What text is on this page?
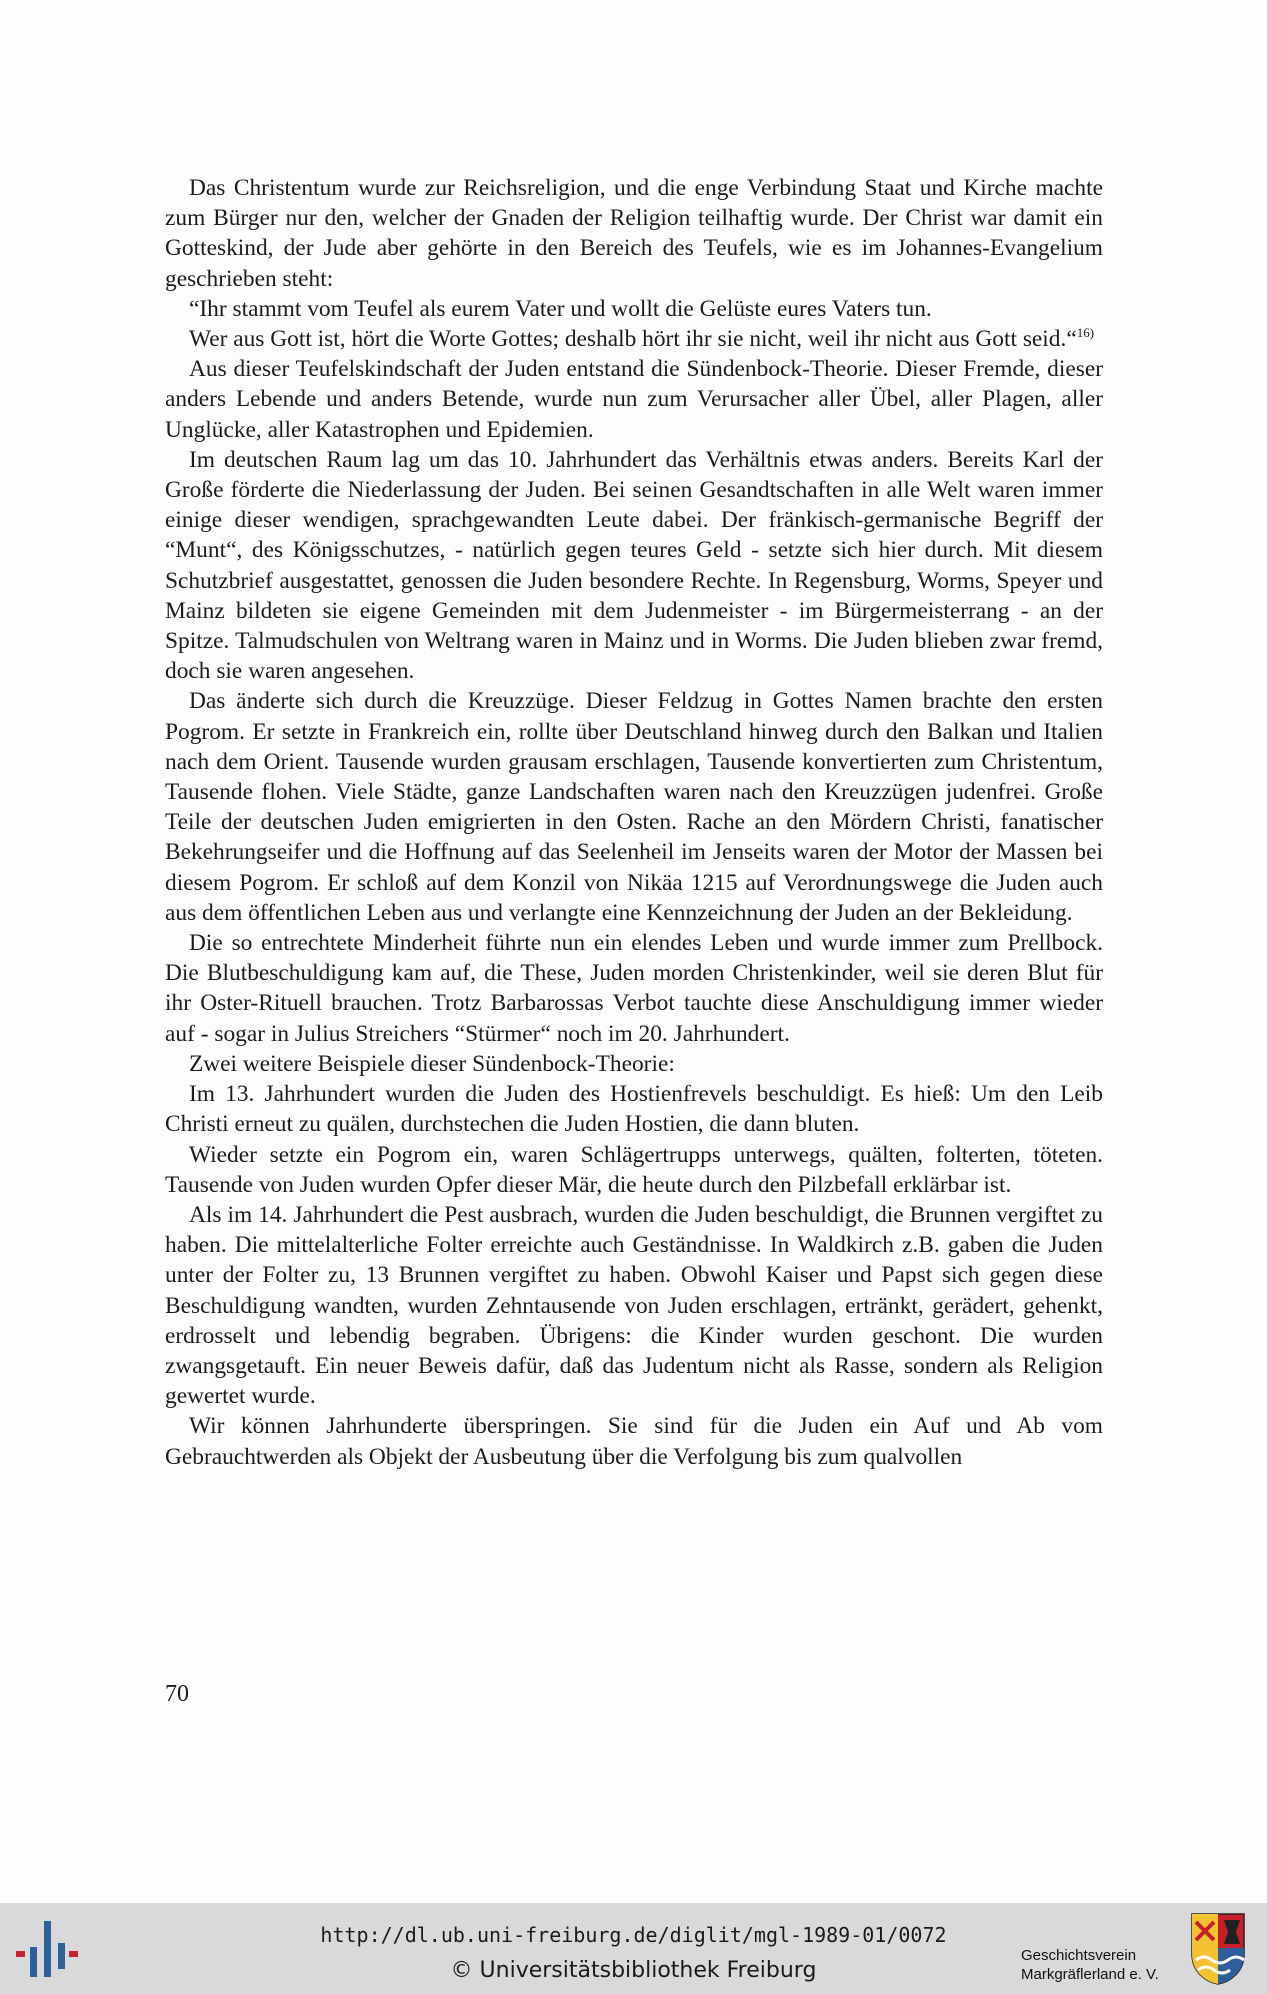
Das Christentum wurde zur Reichsreligion, und die enge Verbindung Staat und Kirche machte zum Bürger nur den, welcher der Gnaden der Religion teilhaftig wurde. Der Christ war damit ein Gotteskind, der Jude aber gehörte in den Bereich des Teufels, wie es im Johannes-Evangelium geschrieben steht:

“Ihr stammt vom Teufel als eurem Vater und wollt die Gelüste eures Vaters tun.

Wer aus Gott ist, hört die Worte Gottes; deshalb hört ihr sie nicht, weil ihr nicht aus Gott seid.“$^{16)}$

Aus dieser Teufelskindschaft der Juden entstand die Sündenbock-Theorie. Dieser Fremde, dieser anders Lebende und anders Betende, wurde nun zum Verursacher aller Übel, aller Plagen, aller Unglücke, aller Katastrophen und Epidemien.

Im deutschen Raum lag um das 10. Jahrhundert das Verhältnis etwas anders. Bereits Karl der Große förderte die Niederlassung der Juden. Bei seinen Gesandtschaften in alle Welt waren immer einige dieser wendigen, sprachgewandten Leute dabei. Der fränkisch-germanische Begriff der “Munt“, des Königsschutzes, - natürlich gegen teures Geld - setzte sich hier durch. Mit diesem Schutzbrief ausgestattet, genossen die Juden besondere Rechte. In Regensburg, Worms, Speyer und Mainz bildeten sie eigene Gemeinden mit dem Judenmeister - im Bürgermeisterrang - an der Spitze. Talmudschulen von Weltrang waren in Mainz und in Worms. Die Juden blieben zwar fremd, doch sie waren angesehen.

Das änderte sich durch die Kreuzzüge. Dieser Feldzug in Gottes Namen brachte den ersten Pogrom. Er setzte in Frankreich ein, rollte über Deutschland hinweg durch den Balkan und Italien nach dem Orient. Tausende wurden grausam erschlagen, Tausende konvertierten zum Christentum, Tausende flohen. Viele Städte, ganze Landschaften waren nach den Kreuzzügen judenfrei. Große Teile der deutschen Juden emigrierten in den Osten. Rache an den Mördern Christi, fanatischer Bekehrungseifer und die Hoffnung auf das Seelenheil im Jenseits waren der Motor der Massen bei diesem Pogrom. Er schloß auf dem Konzil von Nikäa 1215 auf Verordnungswege die Juden auch aus dem öffentlichen Leben aus und verlangte eine Kennzeichnung der Juden an der Bekleidung.

Die so entrechtete Minderheit führte nun ein elendes Leben und wurde immer zum Prellbock. Die Blutbeschuldigung kam auf, die These, Juden morden Christenkinder, weil sie deren Blut für ihr Oster-Rituell brauchen. Trotz Barbarossas Verbot tauchte diese Anschuldigung immer wieder auf - sogar in Julius Streichers “Stürmer“ noch im 20. Jahrhundert.

Zwei weitere Beispiele dieser Sündenbock-Theorie:

Im 13. Jahrhundert wurden die Juden des Hostienfrevels beschuldigt. Es hieß: Um den Leib Christi erneut zu quälen, durchstechen die Juden Hostien, die dann bluten.

Wieder setzte ein Pogrom ein, waren Schlägertrupps unterwegs, quälten, folterten, töteten. Tausende von Juden wurden Opfer dieser Mär, die heute durch den Pilzbefall erklärbar ist.

Als im 14. Jahrhundert die Pest ausbrach, wurden die Juden beschuldigt, die Brunnen vergiftet zu haben. Die mittelalterliche Folter erreichte auch Geständnisse. In Waldkirch z.B. gaben die Juden unter der Folter zu, 13 Brunnen vergiftet zu haben. Obwohl Kaiser und Papst sich gegen diese Beschuldigung wandten, wurden Zehntausende von Juden erschlagen, ertränkt, gerädert, gehenkt, erdrosselt und lebendig begraben. Übrigens: die Kinder wurden geschont. Die wurden zwangsgetauft. Ein neuer Beweis dafür, daß das Judentum nicht als Rasse, sondern als Religion gewertet wurde.

Wir können Jahrhunderte überspringen. Sie sind für die Juden ein Auf und Ab vom Gebrauchtwerden als Objekt der Ausbeutung über die Verfolgung bis zum qualvollen

70
http://dl.ub.uni-freiburg.de/diglit/mgl-1989-01/0072
© Universitätsbibliothek Freiburg
Geschichtsverein
Markgräflerland e. V.
